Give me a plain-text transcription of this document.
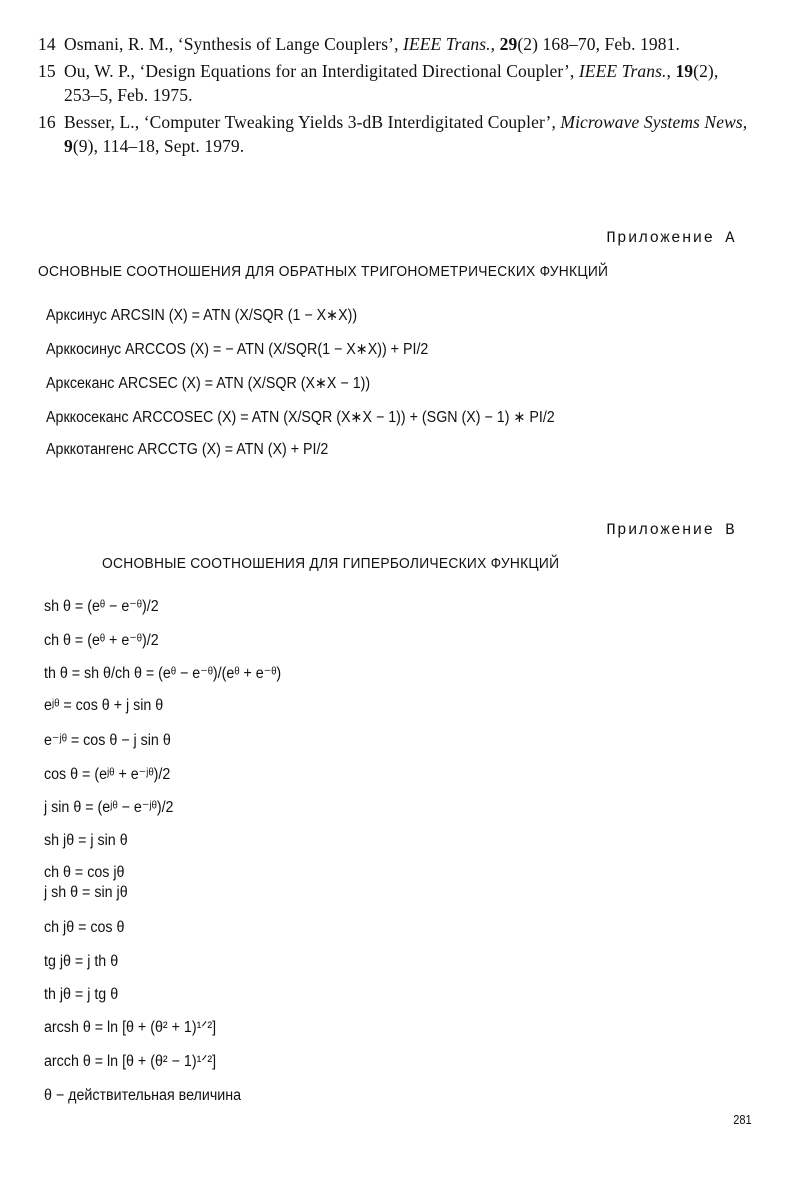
14 Osmani, R. M., ‘Synthesis of Lange Couplers’, IEEE Trans., 29(2) 168–70, Feb. 1981.
15 Ou, W. P., ‘Design Equations for an Interdigitated Directional Coupler’, IEEE Trans., 19(2), 253–5, Feb. 1975.
16 Besser, L., ‘Computer Tweaking Yields 3-dB Interdigitated Coupler’, Microwave Systems News, 9(9), 114–18, Sept. 1979.
Приложение А
ОСНОВНЫЕ СООТНОШЕНИЯ ДЛЯ ОБРАТНЫХ ТРИГОНОМЕТРИЧЕСКИХ ФУНКЦИЙ
Арксинус ARCSIN (X) = ATN (X/SQR (1 − X∗X))
Арккосинус ARCCOS (X) = − ATN (X/SQR(1 − X∗X)) + PI/2
Арксеканс ARCSEC (X) = ATN (X/SQR (X∗X − 1))
Арккосеканс ARCCOSEC (X) = ATN (X/SQR (X∗X − 1)) + (SGN (X) − 1) ∗ PI/2
Арккотангенс ARCCTG (X) = ATN (X) + PI/2
Приложение В
ОСНОВНЫЕ СООТНОШЕНИЯ ДЛЯ ГИПЕРБОЛИЧЕСКИХ ФУНКЦИЙ
sh θ = (eᶿ − e⁻ᶿ)/2
ch θ = (eᶿ + e⁻ᶿ)/2
th θ = sh θ/ch θ = (eᶿ − e⁻ᶿ)/(eᶿ + e⁻ᶿ)
eʲᶿ = cos θ + j sin θ
e⁻ʲᶿ = cos θ − j sin θ
cos θ = (eʲᶿ + e⁻ʲᶿ)/2
j sin θ = (eʲᶿ − e⁻ʲᶿ)/2
sh jθ = j sin θ
ch θ = cos jθ
j sh θ = sin jθ
ch jθ = cos θ
tg jθ = j th θ
th jθ = j tg θ
arcsh θ = ln [θ + (θ² + 1)¹ᐟ²]
arcch θ = ln [θ + (θ² − 1)¹ᐟ²]
θ − действительная величина
281
